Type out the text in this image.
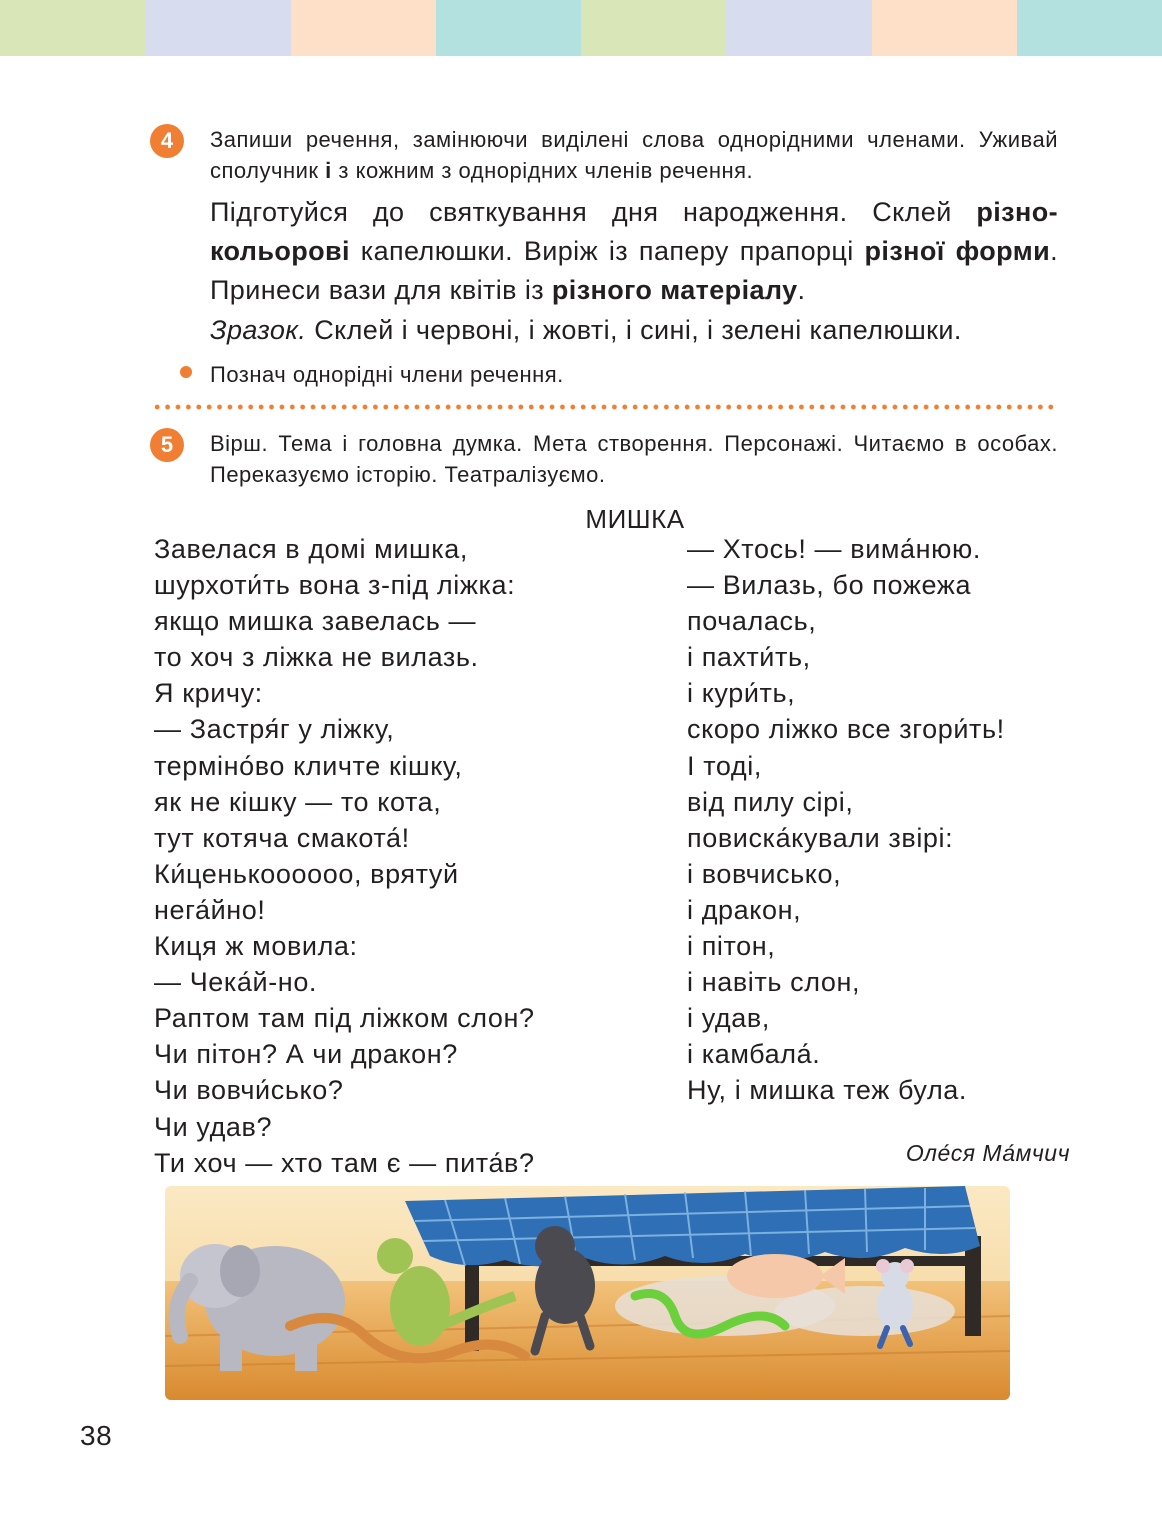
4	Запиши речення, замінюючи виділені слова однорідними членами. Уживай сполучник і з кожним з однорідних членів речення.

Підготуйся до святкування дня народження. Склей різно-кольорові капелюшки. Виріж із паперу прапорці різної форми. Принеси вази для квітів із різного матеріалу.

Зразок. Склей і червоні, і жовті, і сині, і зелені капелюшки.

Познач однорідні члени речення.

5	Вірш. Тема і головна думка. Мета створення. Персонажі. Читаємо в особах. Переказуємо історію. Театралізуємо.

МИШКА
Завелася в домі мишка,
шурхоти́ть вона з-під ліжка:
якщо мишка завелась —
то хоч з ліжка не вилазь.
Я кричу:
— Застря́г у ліжку,
терміно́во кличте кішку,
як не кішку — то кота,
тут котяча смакота́!
Ки́ценькоооооо, врятуй
нега́йно!
Киця ж мовила:
— Чека́й-но.
Раптом там під ліжком слон?
Чи пітон? А чи дракон?
Чи вовчи́сько?
Чи удав?
Ти хоч — хто там є — пита́в?
— Хтось! — вима́нюю.
— Вилазь, бо пожежа
почалась,
і пахти́ть,
і кури́ть,
скоро ліжко все згори́ть!
І тоді,
від пилу сірі,
повиска́кували звірі:
і вовчисько,
і дракон,
і пітон,
і навіть слон,
і удав,
і камбала́.
Ну, і мишка теж була.
Оле́ся Ма́мчич
38
